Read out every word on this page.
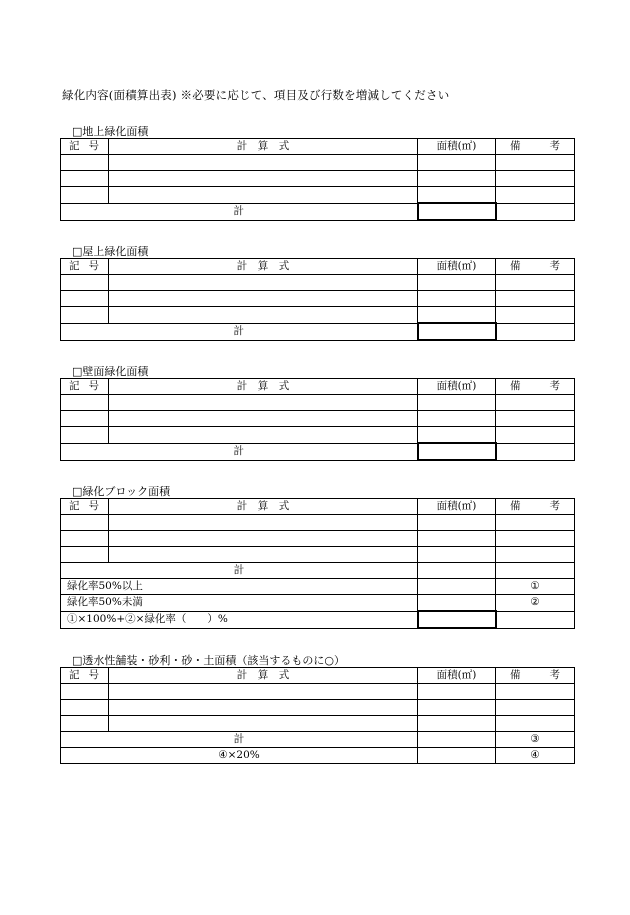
緑化内容(面積算出表) ※必要に応じて、項目及び行数を増減してください
□地上緑化面積
記 号	計　算　式	面積(㎡)	備 考

計			
□屋上緑化面積
記 号	計　算　式	面積(㎡)	備 考

計			
□壁面緑化面積
記 号	計　算　式	面積(㎡)	備 考

計			
□緑化ブロック面積
記 号	計　算　式	面積(㎡)	備 考

計			
緑化率50%以上			①
緑化率50%未満			②
①×100%+②×緑化率（　　）%			
□透水性舗装・砂利・砂・土面積（該当するものに○）
記 号	計　算　式	面積(㎡)	備 考

計			③
④×20%			④
